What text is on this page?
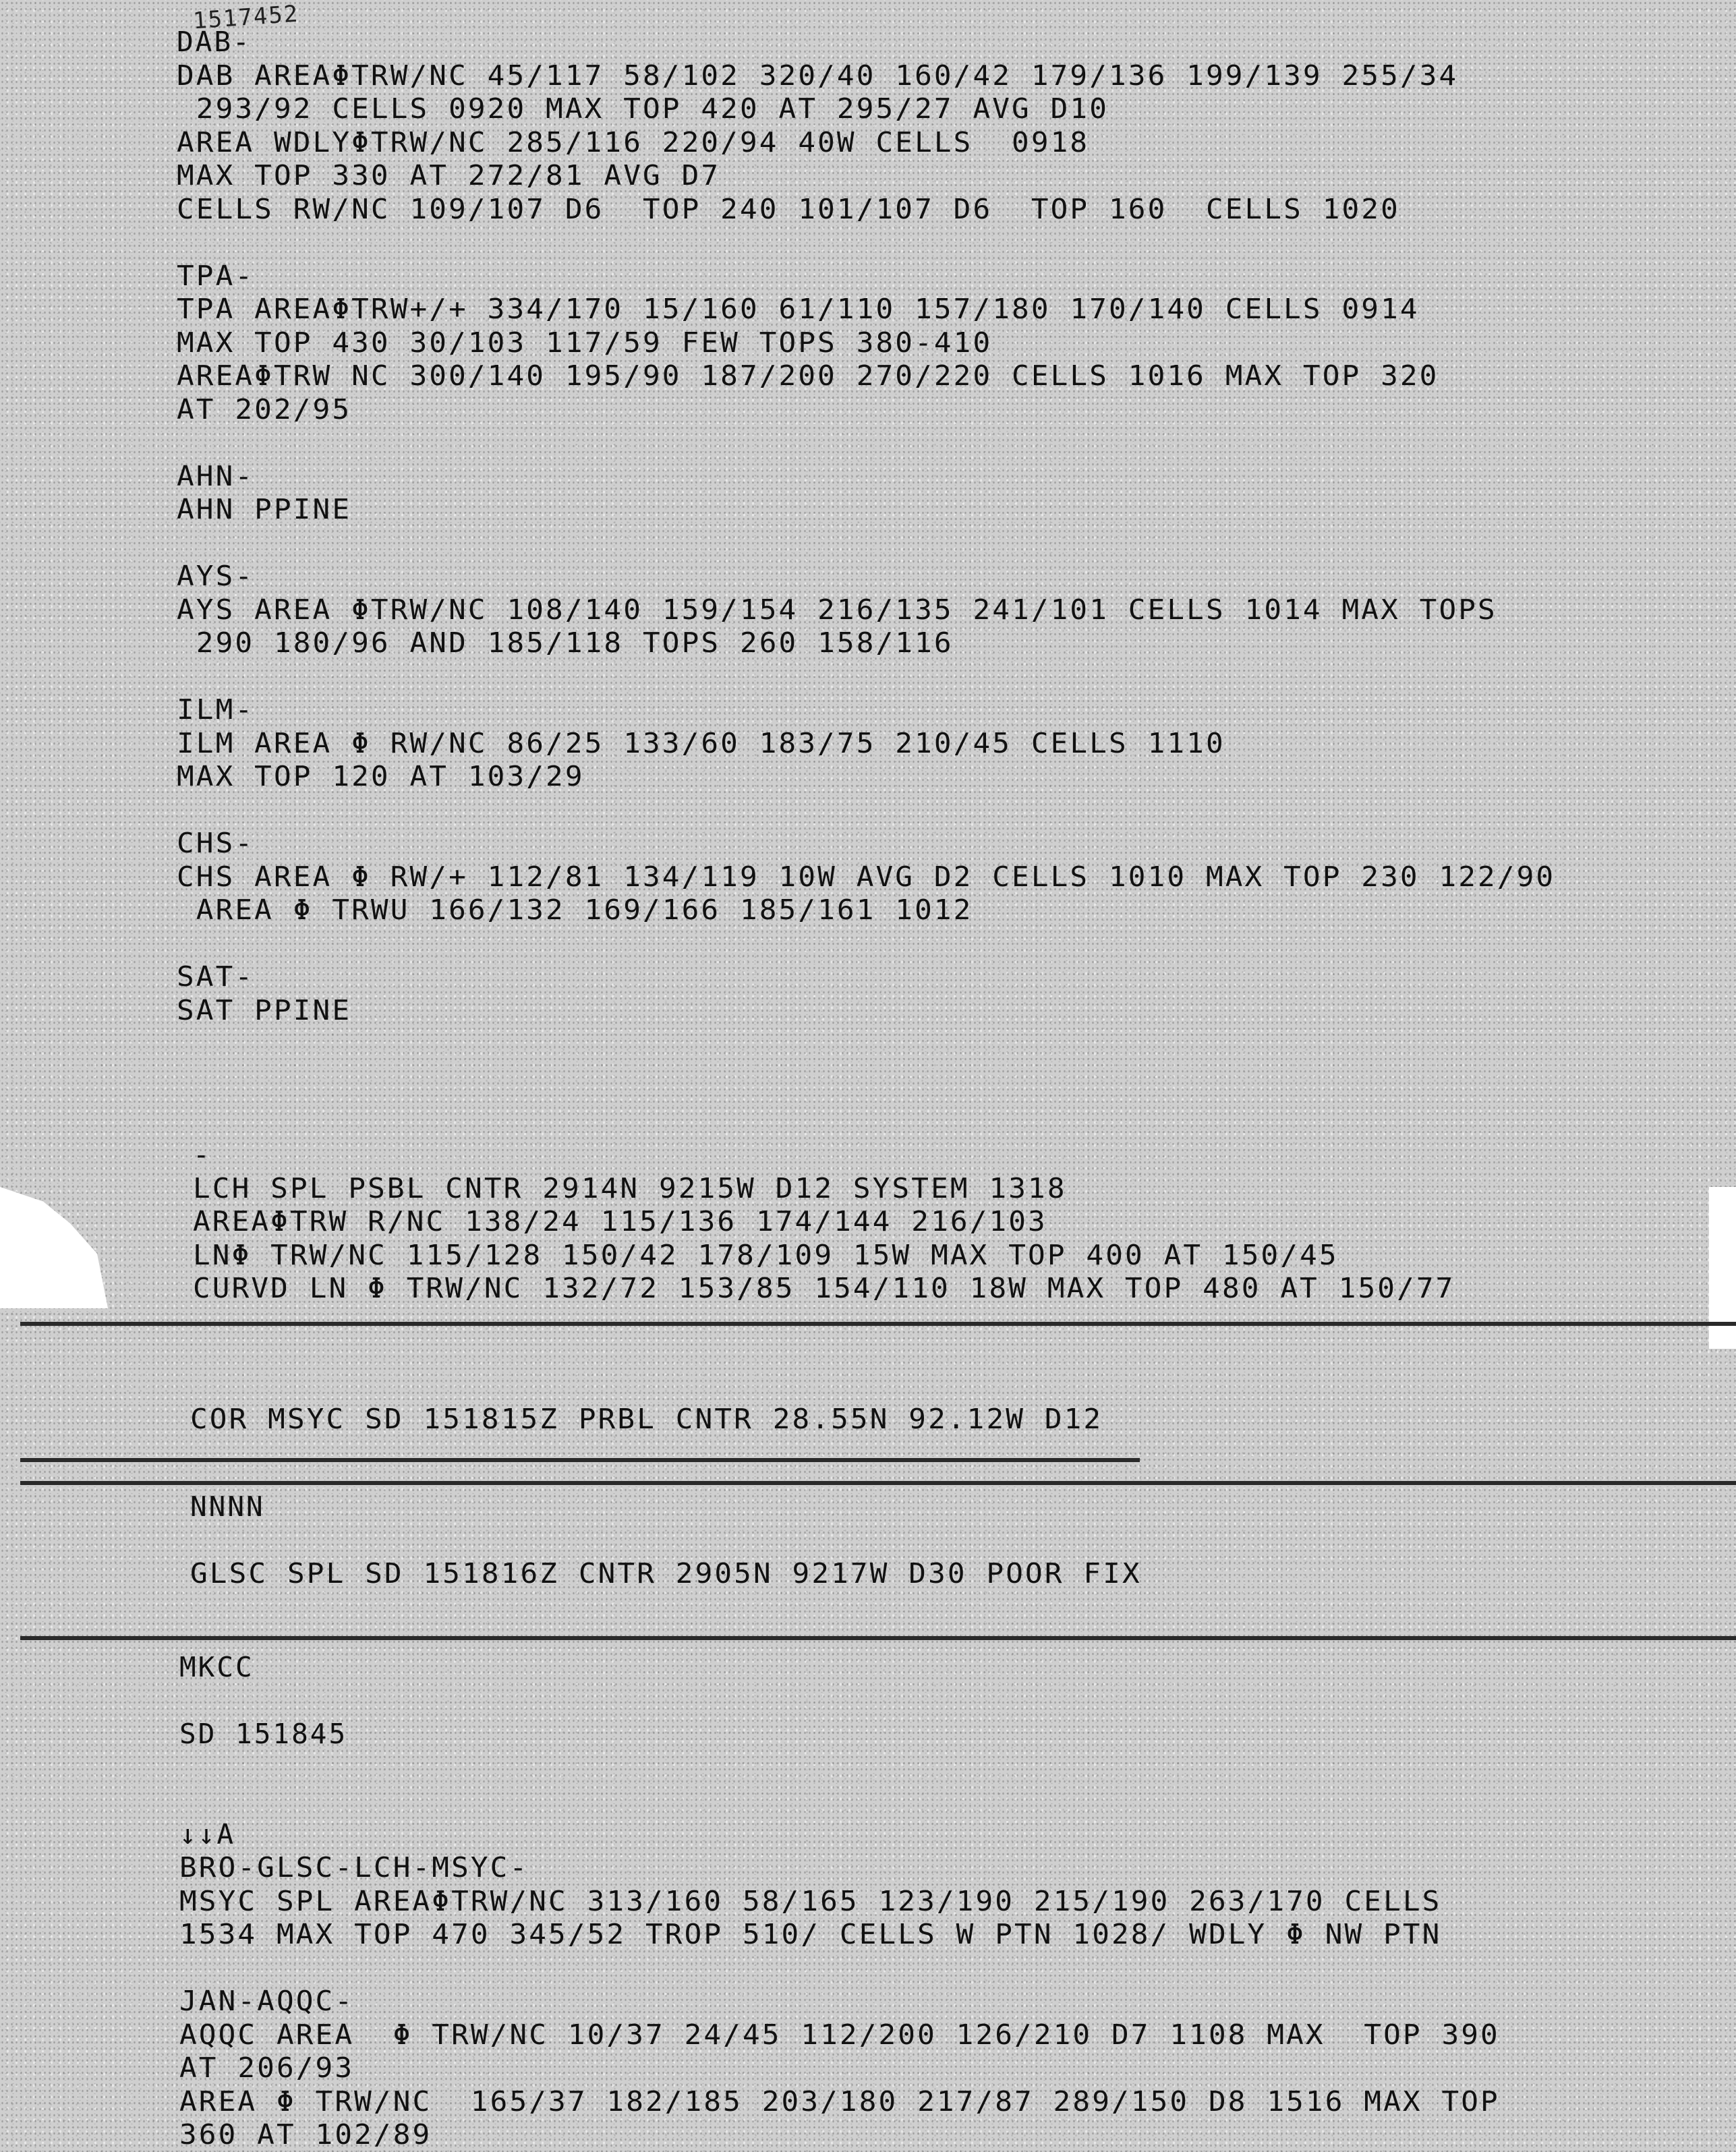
1517452
DAB-
DAB AREAΦTRW/NC 45/117 58/102 320/40 160/42 179/136 199/139 255/34
293/92 CELLS 0920 MAX TOP 420 AT 295/27 AVG D10
AREA WDLYΦTRW/NC 285/116 220/94 40W CELLS  0918
MAX TOP 330 AT 272/81 AVG D7
CELLS RW/NC 109/107 D6  TOP 240 101/107 D6  TOP 160  CELLS 1020
TPA-
TPA AREAΦTRW+/+ 334/170 15/160 61/110 157/180 170/140 CELLS 0914
MAX TOP 430 30/103 117/59 FEW TOPS 380-410
AREAΦTRW NC 300/140 195/90 187/200 270/220 CELLS 1016 MAX TOP 320
AT 202/95
AHN-
AHN PPINE
AYS-
AYS AREA ΦTRW/NC 108/140 159/154 216/135 241/101 CELLS 1014 MAX TOPS
290 180/96 AND 185/118 TOPS 260 158/116
ILM-
ILM AREA Φ RW/NC 86/25 133/60 183/75 210/45 CELLS 1110
MAX TOP 120 AT 103/29
CHS-
CHS AREA Φ RW/+ 112/81 134/119 10W AVG D2 CELLS 1010 MAX TOP 230 122/90
AREA Φ TRWU 166/132 169/166 185/161 1012
SAT-
SAT PPINE
-
LCH SPL PSBL CNTR 2914N 9215W D12 SYSTEM 1318
AREAΦTRW R/NC 138/24 115/136 174/144 216/103
LNΦ TRW/NC 115/128 150/42 178/109 15W MAX TOP 400 AT 150/45
CURVD LN Φ TRW/NC 132/72 153/85 154/110 18W MAX TOP 480 AT 150/77
COR MSYC SD 151815Z PRBL CNTR 28.55N 92.12W D12
NNNN
GLSC SPL SD 151816Z CNTR 2905N 9217W D30 POOR FIX
MKCC
SD 151845
↓↓A
BRO-GLSC-LCH-MSYC-
MSYC SPL AREAΦTRW/NC 313/160 58/165 123/190 215/190 263/170 CELLS
1534 MAX TOP 470 345/52 TROP 510/ CELLS W PTN 1028/ WDLY Φ NW PTN
JAN-AQQC-
AQQC AREA  Φ TRW/NC 10/37 24/45 112/200 126/210 D7 1108 MAX  TOP 390
AT 206/93
AREA Φ TRW/NC  165/37 182/185 203/180 217/87 289/150 D8 1516 MAX TOP
360 AT 102/89
